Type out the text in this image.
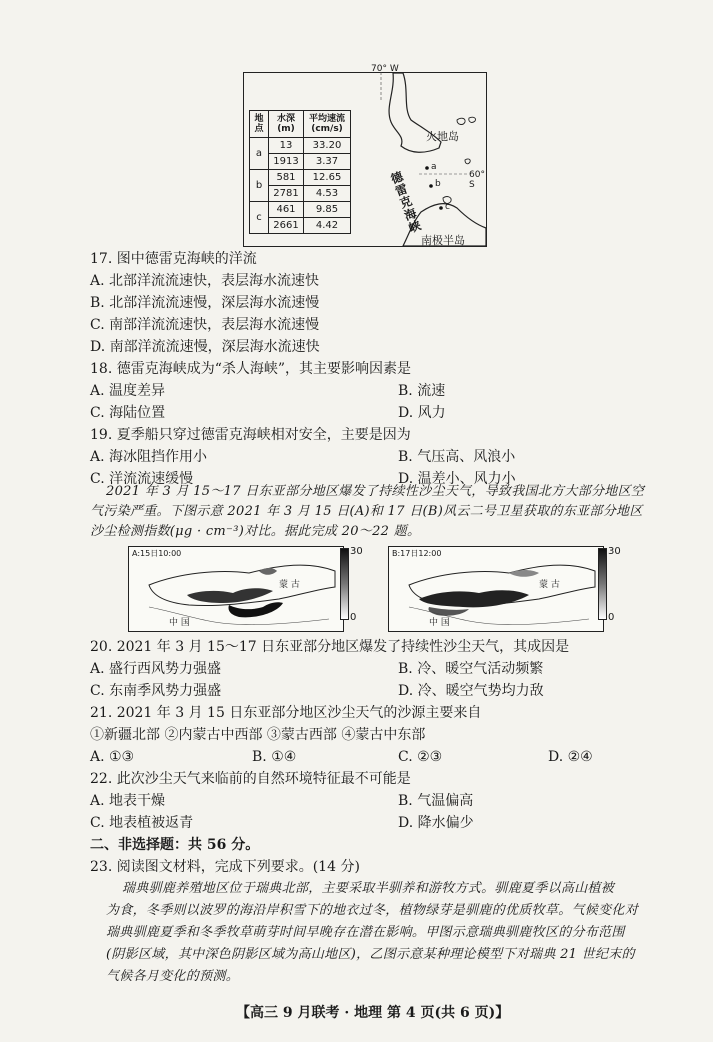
70° W
60° S
火地岛
德雷克海峡
南极半岛
a
b
c
地点	水深(m)	平均速流(cm/s)
a	13	33.20
	1913	3.37
b	581	12.65
	2781	4.53
c	461	9.85
	2661	4.42
17. 图中德雷克海峡的洋流
A. 北部洋流流速快，表层海水流速快
B. 北部洋流流速慢，深层海水流速慢
C. 南部洋流流速快，表层海水流速慢
D. 南部洋流流速慢，深层海水流速快
18. 德雷克海峡成为“杀人海峡”，其主要影响因素是
A. 温度差异	B. 流速
C. 海陆位置	D. 风力
19. 夏季船只穿过德雷克海峡相对安全，主要是因为
A. 海冰阻挡作用小	B. 气压高、风浪小
C. 洋流流速缓慢	D. 温差小、风力小
2021 年 3 月 15～17 日东亚部分地区爆发了持续性沙尘天气，导致我国北方大部分地区空
气污染严重。下图示意 2021 年 3 月 15 日(A)和 17 日(B)风云二号卫星获取的东亚部分地区
沙尘检测指数(μg · cm⁻³)对比。据此完成 20～22 题。
A:15日10:00
蒙 古
中 国
30
0
B:17日12:00
蒙 古
中 国
30
0
20. 2021 年 3 月 15～17 日东亚部分地区爆发了持续性沙尘天气，其成因是
A. 盛行西风势力强盛	B. 冷、暖空气活动频繁
C. 东南季风势力强盛	D. 冷、暖空气势均力敌
21. 2021 年 3 月 15 日东亚部分地区沙尘天气的沙源主要来自
①新疆北部 ②内蒙古中西部 ③蒙古西部 ④蒙古中东部
A. ①③	B. ①④	C. ②③	D. ②④
22. 此次沙尘天气来临前的自然环境特征最不可能是
A. 地表干燥	B. 气温偏高
C. 地表植被返青	D. 降水偏少
二、非选择题：共 56 分。
23. 阅读图文材料，完成下列要求。(14 分)
瑞典驯鹿养殖地区位于瑞典北部，主要采取半驯养和游牧方式。驯鹿夏季以高山植被
为食，冬季则以波罗的海沿岸积雪下的地衣过冬，植物绿芽是驯鹿的优质牧草。气候变化对
瑞典驯鹿夏季和冬季牧草萌芽时间早晚存在潜在影响。甲图示意瑞典驯鹿牧区的分布范围
(阴影区域，其中深色阴影区域为高山地区)，乙图示意某种理论模型下对瑞典 21 世纪末的
气候各月变化的预测。
【高三 9 月联考 · 地理 第 4 页(共 6 页)】
